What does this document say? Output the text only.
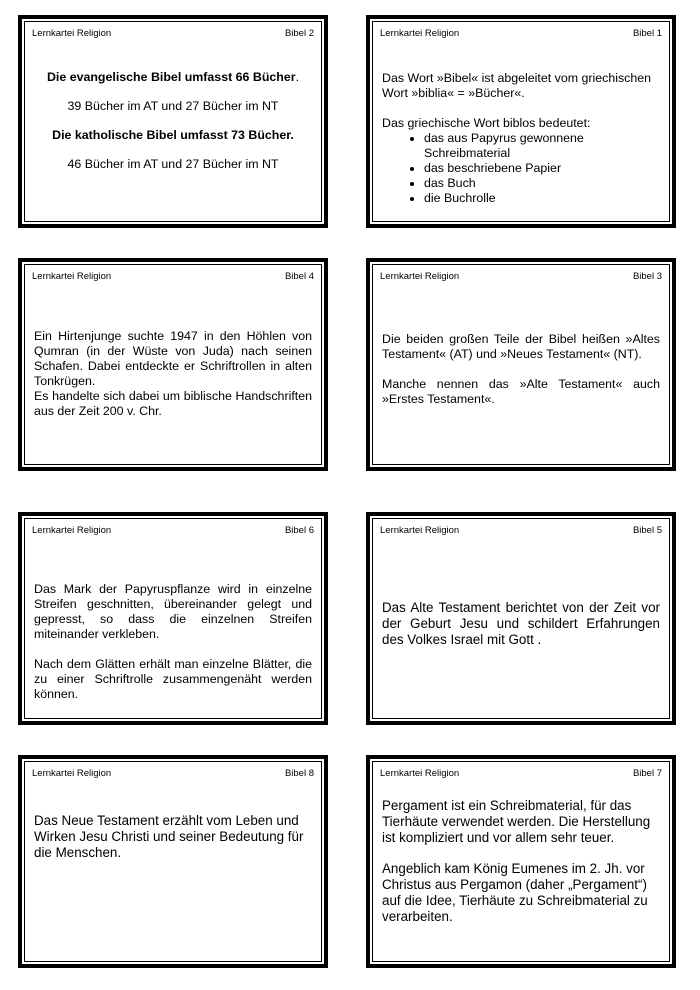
Lernkartei Religion	Bibel 2

Die evangelische Bibel umfasst 66 Bücher.

39 Bücher im AT und 27 Bücher im NT

Die katholische Bibel umfasst 73 Bücher.

46 Bücher im AT und 27 Bücher im NT

Lernkartei Religion	Bibel 1

Das Wort »Bibel« ist abgeleitet vom griechischen Wort »biblia« = »Bücher«.

Das griechische Wort biblos bedeutet:

• das aus Papyrus gewonnene Schreibmaterial
• das beschriebene Papier
• das Buch
• die Buchrolle
Lernkartei Religion	Bibel 4

Ein Hirtenjunge suchte 1947 in den Höhlen von Qumran (in der Wüste von Juda) nach seinen Schafen. Dabei entdeckte er Schriftrollen in alten Tonkrügen.

Es handelte sich dabei um biblische Handschriften aus der Zeit 200 v. Chr.

Lernkartei Religion	Bibel 3

Die beiden großen Teile der Bibel heißen »Altes Testament« (AT) und »Neues Testament« (NT).

Manche nennen das »Alte Testament« auch »Erstes Testament«.

Lernkartei Religion	Bibel 6

Das Mark der Papyruspflanze wird in einzelne Streifen geschnitten, übereinander gelegt und gepresst, so dass die einzelnen Streifen miteinander verkleben.

Nach dem Glätten erhält man einzelne Blätter, die zu einer Schriftrolle zusammengenäht werden können.

Lernkartei Religion	Bibel 5

Das Alte Testament berichtet von der Zeit vor der Geburt Jesu und schildert Erfahrungen des Volkes Israel mit Gott .

Lernkartei Religion	Bibel 8

Das Neue Testament erzählt vom Leben und Wirken Jesu Christi und seiner Bedeutung für die Menschen.

Lernkartei Religion	Bibel 7

Pergament ist ein Schreibmaterial, für das Tierhäute verwendet werden. Die Herstellung ist kompliziert und vor allem sehr teuer.

Angeblich kam König Eumenes im 2. Jh. vor Christus aus Pergamon (daher „Pergament“) auf die Idee, Tierhäute zu Schreibmaterial zu verarbeiten.
